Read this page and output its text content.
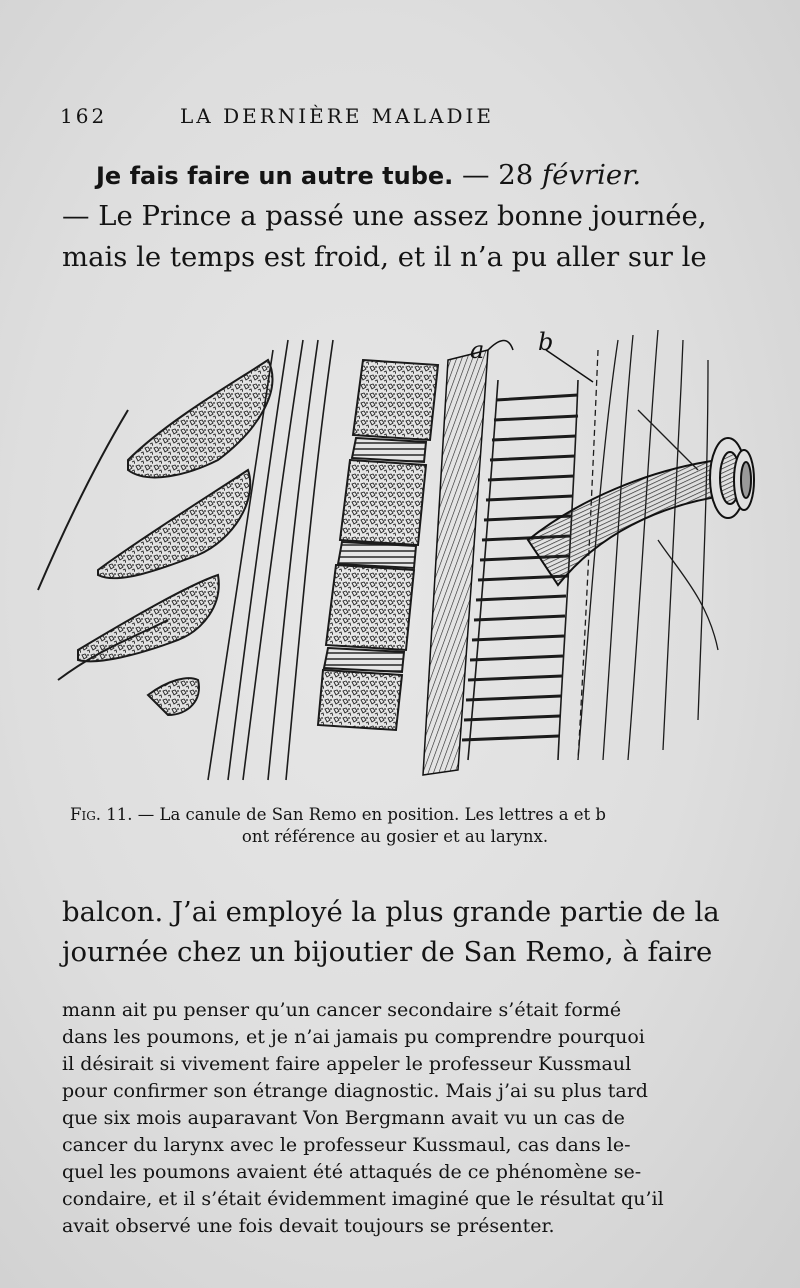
162	LA DERNIÈRE MALADIE
Je fais faire un autre tube. — 28 février.
— Le Prince a passé une assez bonne journée,
mais le temps est froid, et il n’a pu aller sur le
a b
Fig. 11. — La canule de San Remo en position. Les lettres a et b
ont référence au gosier et au larynx.
balcon. J’ai employé la plus grande partie de la
journée chez un bijoutier de San Remo, à faire
mann ait pu penser qu’un cancer secondaire s’était formé
dans les poumons, et je n’ai jamais pu comprendre pourquoi
il désirait si vivement faire appeler le professeur Kussmaul
pour confirmer son étrange diagnostic. Mais j’ai su plus tard
que six mois auparavant Von Bergmann avait vu un cas de
cancer du larynx avec le professeur Kussmaul, cas dans le-
quel les poumons avaient été attaqués de ce phénomène se-
condaire, et il s’était évidemment imaginé que le résultat qu’il
avait observé une fois devait toujours se présenter.
